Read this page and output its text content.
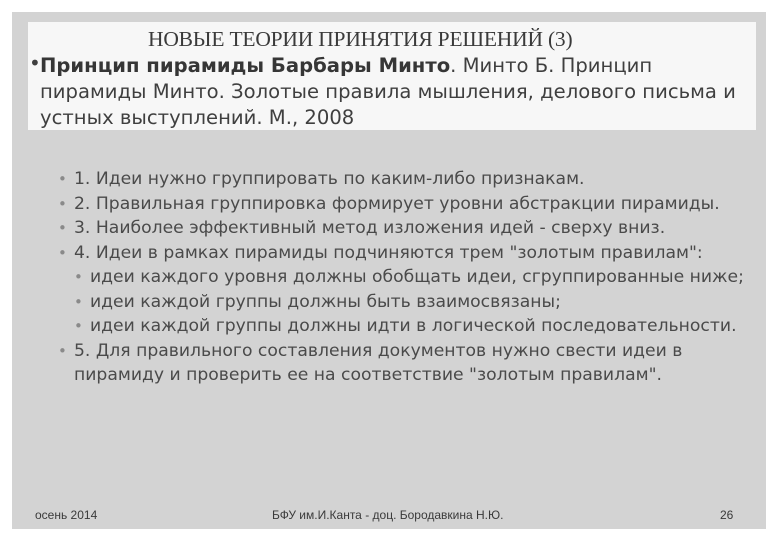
НОВЫЕ ТЕОРИИ ПРИНЯТИЯ РЕШЕНИЙ (3)
• Принцип пирамиды Барбары Минто. Минто Б. Принцип пирамиды Минто. Золотые правила мышления, делового письма и устных выступлений. М., 2008
• 1. Идеи нужно группировать по каким-либо признакам.
• 2. Правильная группировка формирует уровни абстракции пирамиды.
• 3. Наиболее эффективный метод изложения идей - сверху вниз.
• 4. Идеи в рамках пирамиды подчиняются трем "золотым правилам":
• идеи каждого уровня должны обобщать идеи, сгруппированные ниже;
• идеи каждой группы должны быть взаимосвязаны;
• идеи каждой группы должны идти в логической последовательности.
• 5. Для правильного составления документов нужно свести идеи в пирамиду и проверить ее на соответствие "золотым правилам".
осень 2014	БФУ им.И.Канта - доц. Бородавкина Н.Ю.	26
